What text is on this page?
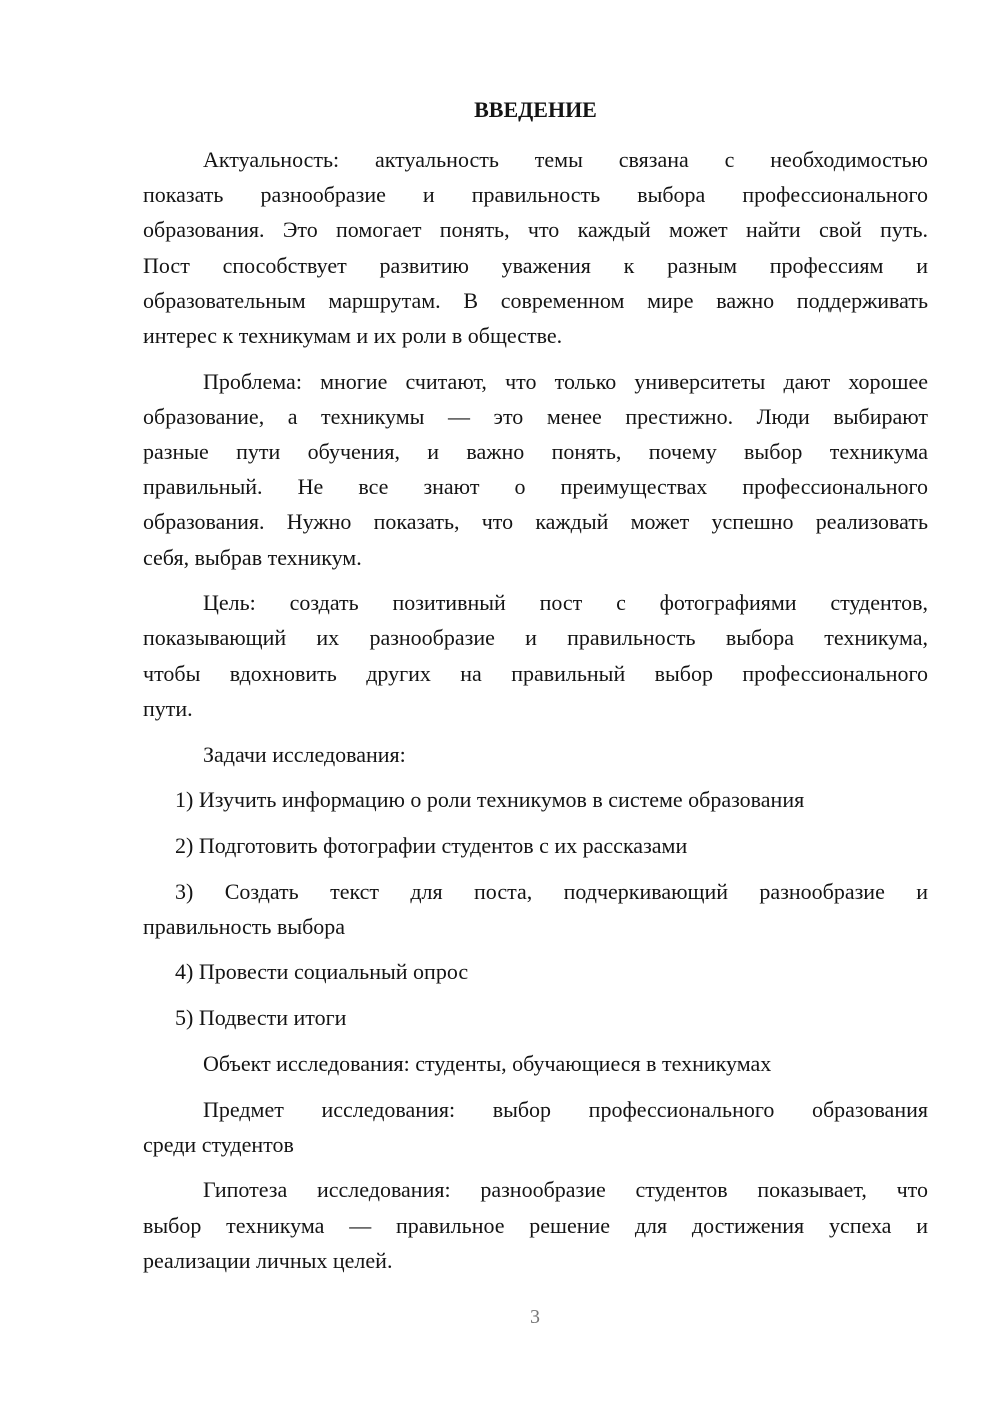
ВВЕДЕНИЕ
Актуальность: актуальность темы связана с необходимостью
показать разнообразие и правильность выбора профессионального
образования. Это помогает понять, что каждый может найти свой путь.
Пост способствует развитию уважения к разным профессиям и
образовательным маршрутам. В современном мире важно поддерживать
интерес к техникумам и их роли в обществе.
Проблема: многие считают, что только университеты дают хорошее
образование, а техникумы — это менее престижно. Люди выбирают
разные пути обучения, и важно понять, почему выбор техникума
правильный. Не все знают о преимуществах профессионального
образования. Нужно показать, что каждый может успешно реализовать
себя, выбрав техникум.
Цель: создать позитивный пост с фотографиями студентов,
показывающий их разнообразие и правильность выбора техникума,
чтобы вдохновить других на правильный выбор профессионального
пути.
Задачи исследования:
1) Изучить информацию о роли техникумов в системе образования
2) Подготовить фотографии студентов с их рассказами
3) Создать текст для поста, подчеркивающий разнообразие и
правильность выбора
4) Провести социальный опрос
5) Подвести итоги
Объект исследования: студенты, обучающиеся в техникумах
Предмет исследования: выбор профессионального образования
среди студентов
Гипотеза исследования: разнообразие студентов показывает, что
выбор техникума — правильное решение для достижения успеха и
реализации личных целей.
3
